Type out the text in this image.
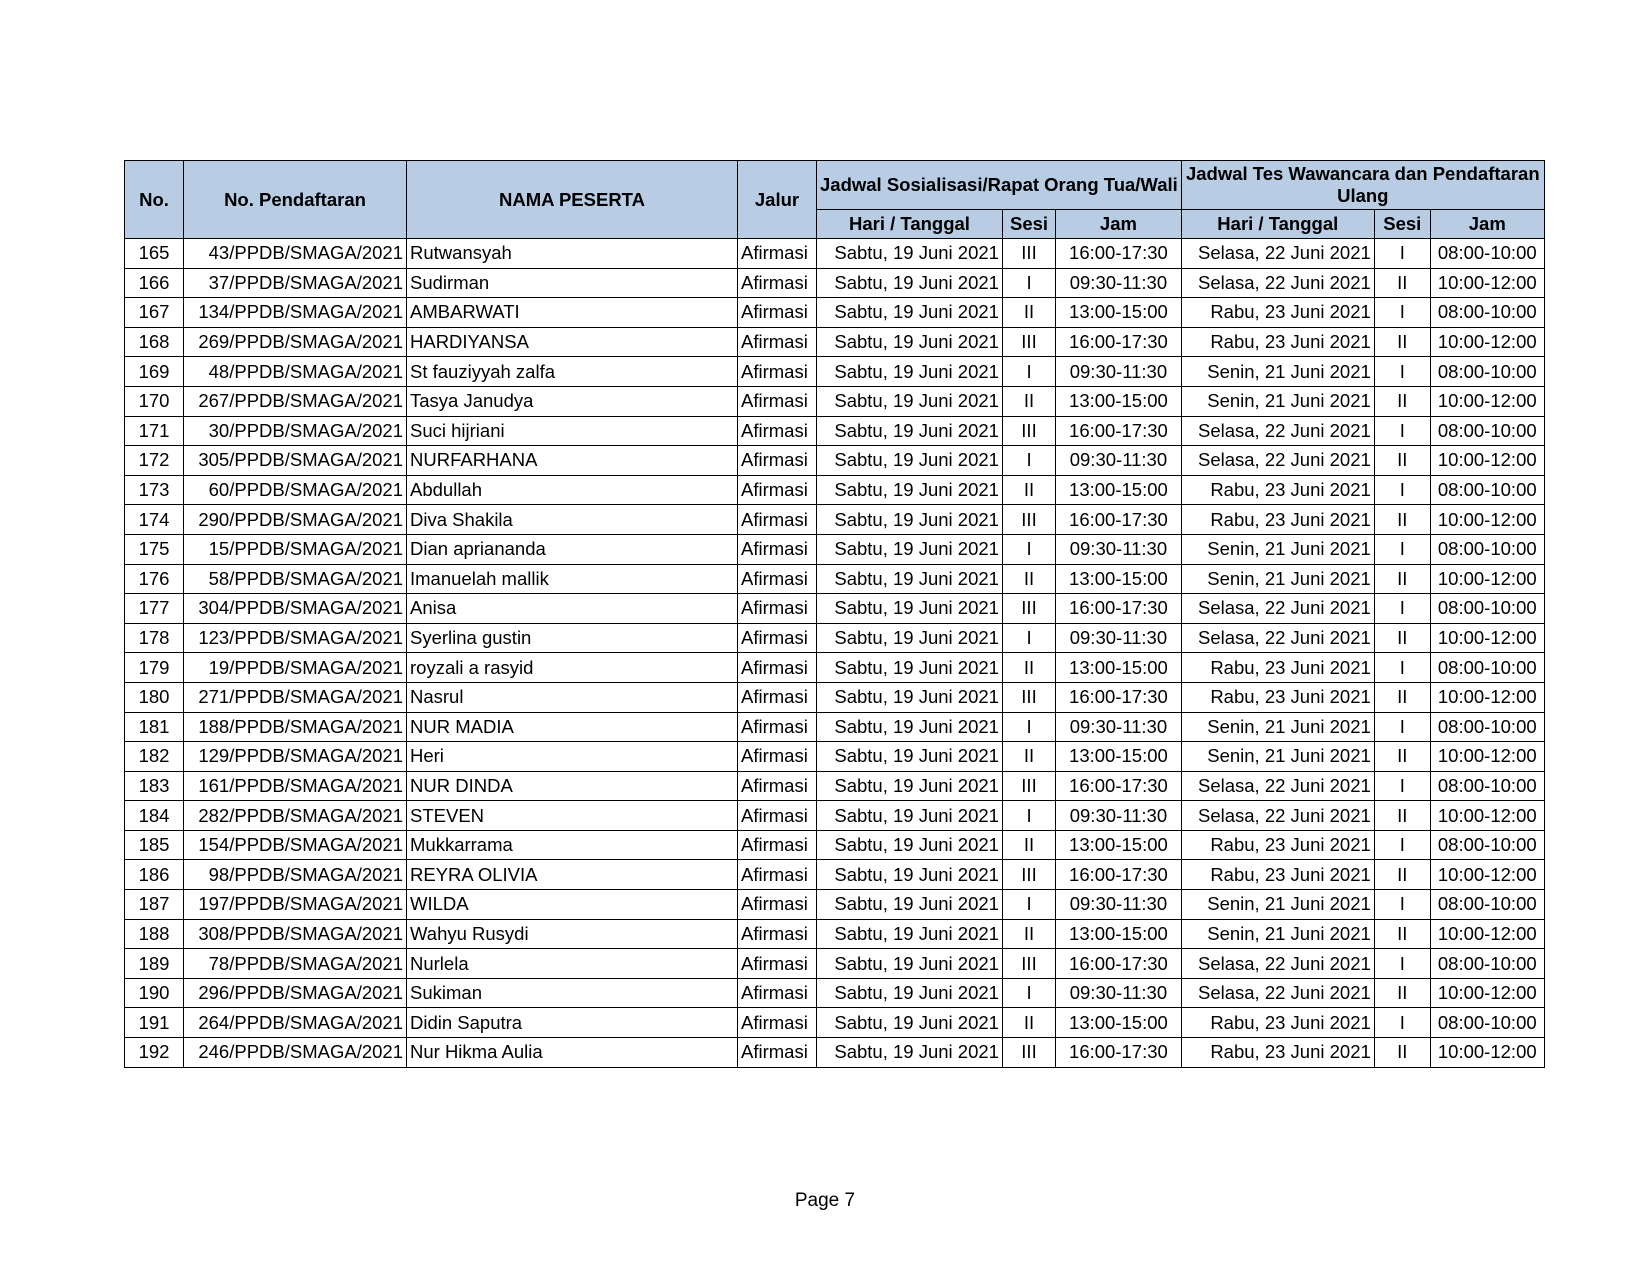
No.	No. Pendaftaran	NAMA PESERTA	Jalur	Jadwal Sosialisasi/Rapat Orang Tua/Wali			Jadwal Tes Wawancara dan Pendaftaran Ulang		
				Hari / Tanggal	Sesi	Jam	Hari / Tanggal	Sesi	Jam
165	43/PPDB/SMAGA/2021	Rutwansyah	Afirmasi	Sabtu, 19 Juni 2021	III	16:00-17:30	Selasa, 22 Juni 2021	I	08:00-10:00
166	37/PPDB/SMAGA/2021	Sudirman	Afirmasi	Sabtu, 19 Juni 2021	I	09:30-11:30	Selasa, 22 Juni 2021	II	10:00-12:00
167	134/PPDB/SMAGA/2021	AMBARWATI	Afirmasi	Sabtu, 19 Juni 2021	II	13:00-15:00	Rabu, 23 Juni 2021	I	08:00-10:00
168	269/PPDB/SMAGA/2021	HARDIYANSA	Afirmasi	Sabtu, 19 Juni 2021	III	16:00-17:30	Rabu, 23 Juni 2021	II	10:00-12:00
169	48/PPDB/SMAGA/2021	St fauziyyah zalfa	Afirmasi	Sabtu, 19 Juni 2021	I	09:30-11:30	Senin, 21 Juni 2021	I	08:00-10:00
170	267/PPDB/SMAGA/2021	Tasya Janudya	Afirmasi	Sabtu, 19 Juni 2021	II	13:00-15:00	Senin, 21 Juni 2021	II	10:00-12:00
171	30/PPDB/SMAGA/2021	Suci hijriani	Afirmasi	Sabtu, 19 Juni 2021	III	16:00-17:30	Selasa, 22 Juni 2021	I	08:00-10:00
172	305/PPDB/SMAGA/2021	NURFARHANA	Afirmasi	Sabtu, 19 Juni 2021	I	09:30-11:30	Selasa, 22 Juni 2021	II	10:00-12:00
173	60/PPDB/SMAGA/2021	Abdullah	Afirmasi	Sabtu, 19 Juni 2021	II	13:00-15:00	Rabu, 23 Juni 2021	I	08:00-10:00
174	290/PPDB/SMAGA/2021	Diva Shakila	Afirmasi	Sabtu, 19 Juni 2021	III	16:00-17:30	Rabu, 23 Juni 2021	II	10:00-12:00
175	15/PPDB/SMAGA/2021	Dian aprianandа	Afirmasi	Sabtu, 19 Juni 2021	I	09:30-11:30	Senin, 21 Juni 2021	I	08:00-10:00
176	58/PPDB/SMAGA/2021	Imanuelah mallik	Afirmasi	Sabtu, 19 Juni 2021	II	13:00-15:00	Senin, 21 Juni 2021	II	10:00-12:00
177	304/PPDB/SMAGA/2021	Anisa	Afirmasi	Sabtu, 19 Juni 2021	III	16:00-17:30	Selasa, 22 Juni 2021	I	08:00-10:00
178	123/PPDB/SMAGA/2021	Syerlina gustin	Afirmasi	Sabtu, 19 Juni 2021	I	09:30-11:30	Selasa, 22 Juni 2021	II	10:00-12:00
179	19/PPDB/SMAGA/2021	royzali a rasyid	Afirmasi	Sabtu, 19 Juni 2021	II	13:00-15:00	Rabu, 23 Juni 2021	I	08:00-10:00
180	271/PPDB/SMAGA/2021	Nasrul	Afirmasi	Sabtu, 19 Juni 2021	III	16:00-17:30	Rabu, 23 Juni 2021	II	10:00-12:00
181	188/PPDB/SMAGA/2021	NUR MADIA	Afirmasi	Sabtu, 19 Juni 2021	I	09:30-11:30	Senin, 21 Juni 2021	I	08:00-10:00
182	129/PPDB/SMAGA/2021	Heri	Afirmasi	Sabtu, 19 Juni 2021	II	13:00-15:00	Senin, 21 Juni 2021	II	10:00-12:00
183	161/PPDB/SMAGA/2021	NUR DINDA	Afirmasi	Sabtu, 19 Juni 2021	III	16:00-17:30	Selasa, 22 Juni 2021	I	08:00-10:00
184	282/PPDB/SMAGA/2021	STEVEN	Afirmasi	Sabtu, 19 Juni 2021	I	09:30-11:30	Selasa, 22 Juni 2021	II	10:00-12:00
185	154/PPDB/SMAGA/2021	Mukkarrama	Afirmasi	Sabtu, 19 Juni 2021	II	13:00-15:00	Rabu, 23 Juni 2021	I	08:00-10:00
186	98/PPDB/SMAGA/2021	REYRA OLIVIA	Afirmasi	Sabtu, 19 Juni 2021	III	16:00-17:30	Rabu, 23 Juni 2021	II	10:00-12:00
187	197/PPDB/SMAGA/2021	WILDA	Afirmasi	Sabtu, 19 Juni 2021	I	09:30-11:30	Senin, 21 Juni 2021	I	08:00-10:00
188	308/PPDB/SMAGA/2021	Wahyu Rusydi	Afirmasi	Sabtu, 19 Juni 2021	II	13:00-15:00	Senin, 21 Juni 2021	II	10:00-12:00
189	78/PPDB/SMAGA/2021	Nurlela	Afirmasi	Sabtu, 19 Juni 2021	III	16:00-17:30	Selasa, 22 Juni 2021	I	08:00-10:00
190	296/PPDB/SMAGA/2021	Sukiman	Afirmasi	Sabtu, 19 Juni 2021	I	09:30-11:30	Selasa, 22 Juni 2021	II	10:00-12:00
191	264/PPDB/SMAGA/2021	Didin Saputra	Afirmasi	Sabtu, 19 Juni 2021	II	13:00-15:00	Rabu, 23 Juni 2021	I	08:00-10:00
192	246/PPDB/SMAGA/2021	Nur Hikma Aulia	Afirmasi	Sabtu, 19 Juni 2021	III	16:00-17:30	Rabu, 23 Juni 2021	II	10:00-12:00
Page 7
